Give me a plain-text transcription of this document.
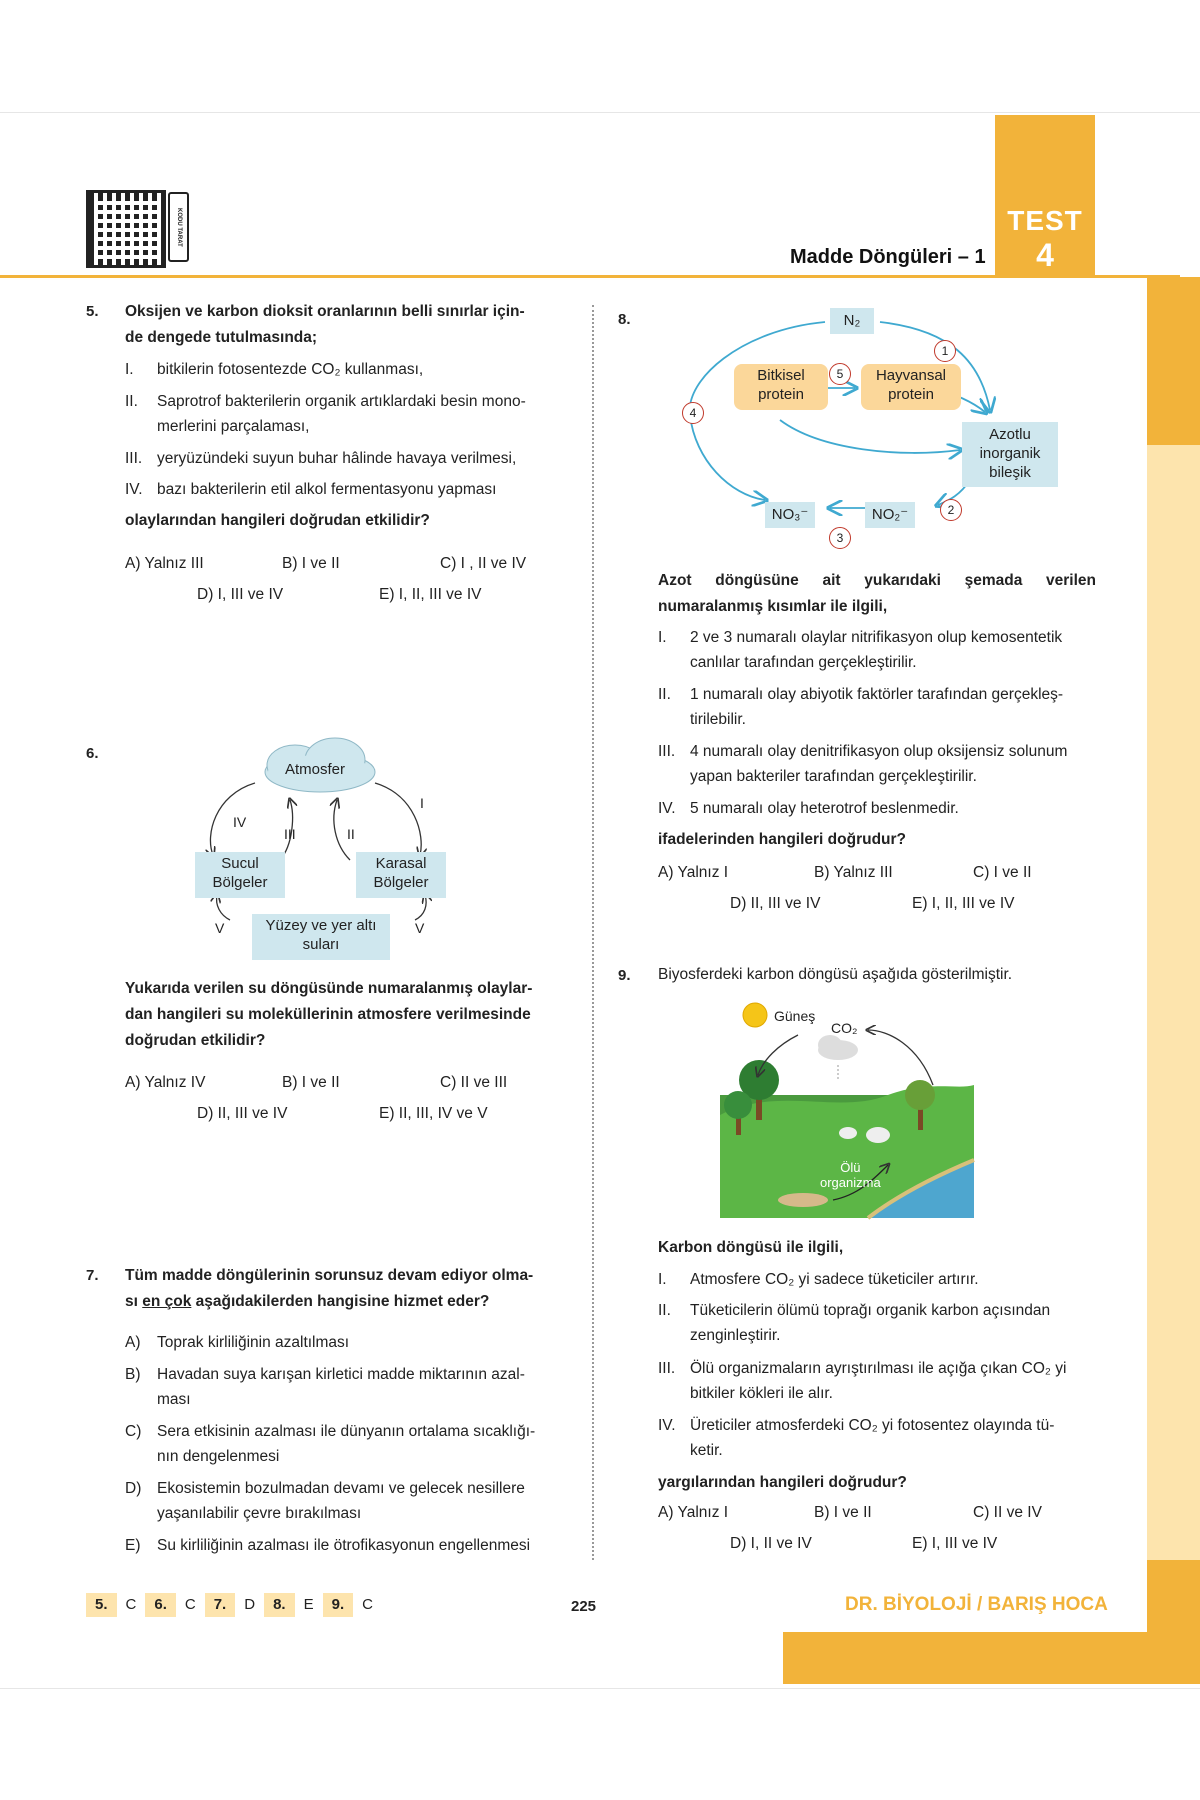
KODU TARAT
Madde Döngüleri – 1
TEST
4
5. Oksijen ve karbon dioksit oranlarının belli sınırlar için-
de dengede tutulmasında;
I. bitkilerin fotosentezde CO₂ kullanması,
II. Saprotrof bakterilerin organik artıklardaki besin mono-
merlerini parçalaması,
III. yeryüzündeki suyun buhar hâlinde havaya verilmesi,
IV. bazı bakterilerin etil alkol fermentasyonu yapması
olaylarından hangileri doğrudan etkilidir?
A) Yalnız III	B) I ve II	C) I , II ve IV
D) I, III ve IV	E) I, II, III ve IV
6.
Atmosfer
I
II
III
IV
Sucul
Bölgeler
Karasal
Bölgeler
Yüzey ve yer altı
suları
V	V
Yukarıda verilen su döngüsünde numaralanmış olaylar-
dan hangileri su moleküllerinin atmosfere verilmesinde
doğrudan etkilidir?
A) Yalnız IV	B) I ve II	C) II ve III
D) II, III ve IV	E) II, III, IV ve V
7. Tüm madde döngülerinin sorunsuz devam ediyor olma-
sı en çok aşağıdakilerden hangisine hizmet eder?
A) Toprak kirliliğinin azaltılması
B) Havadan suya karışan kirletici madde miktarının azal-
ması
C) Sera etkisinin azalması ile dünyanın ortalama sıcaklığı-
nın dengelenmesi
D) Ekosistemin bozulmadan devamı ve gelecek nesillere
yaşanılabilir çevre bırakılması
E) Su kirliliğinin azalması ile ötrofikasyonun engellenmesi
8.	N₂
Bitkisel
protein
Hayvansal
protein
Azotlu
inorganik
bileşik
NO₃⁻	NO₂⁻
1
2
3
4
5
Azot döngüsüne ait yukarıdaki şemada verilen
numaralanmış kısımlar ile ilgili,
I. 2 ve 3 numaralı olaylar nitrifikasyon olup kemosentetik
canlılar tarafından gerçekleştirilir.
II. 1 numaralı olay abiyotik faktörler tarafından gerçekleş-
tirilebilir.
III. 4 numaralı olay denitrifikasyon olup oksijensiz solunum
yapan bakteriler tarafından gerçekleştirilir.
IV. 5 numaralı olay heterotrof beslenmedir.
ifadelerinden hangileri doğrudur?
A) Yalnız I	B) Yalnız III	C) I ve II
D) II, III ve IV	E) I, II, III ve IV
9. Biyosferdeki karbon döngüsü aşağıda gösterilmiştir.
Güneş
CO₂
Ölü
organizma
Karbon döngüsü ile ilgili,
I. Atmosfere CO₂ yi sadece tüketiciler artırır.
II. Tüketicilerin ölümü toprağı organik karbon açısından
zenginleştirir.
III. Ölü organizmaların ayrıştırılması ile açığa çıkan CO₂ yi
bitkiler kökleri ile alır.
IV. Üreticiler atmosferdeki CO₂ yi fotosentez olayında tü-
ketir.
yargılarından hangileri doğrudur?
A) Yalnız I	B) I ve II	C) II ve IV
D) I, II ve IV	E) I, III ve IV
5.	C	6.	C	7.	D	8.	E	9.	C	225	DR. BİYOLOJİ / BARIŞ HOCA
